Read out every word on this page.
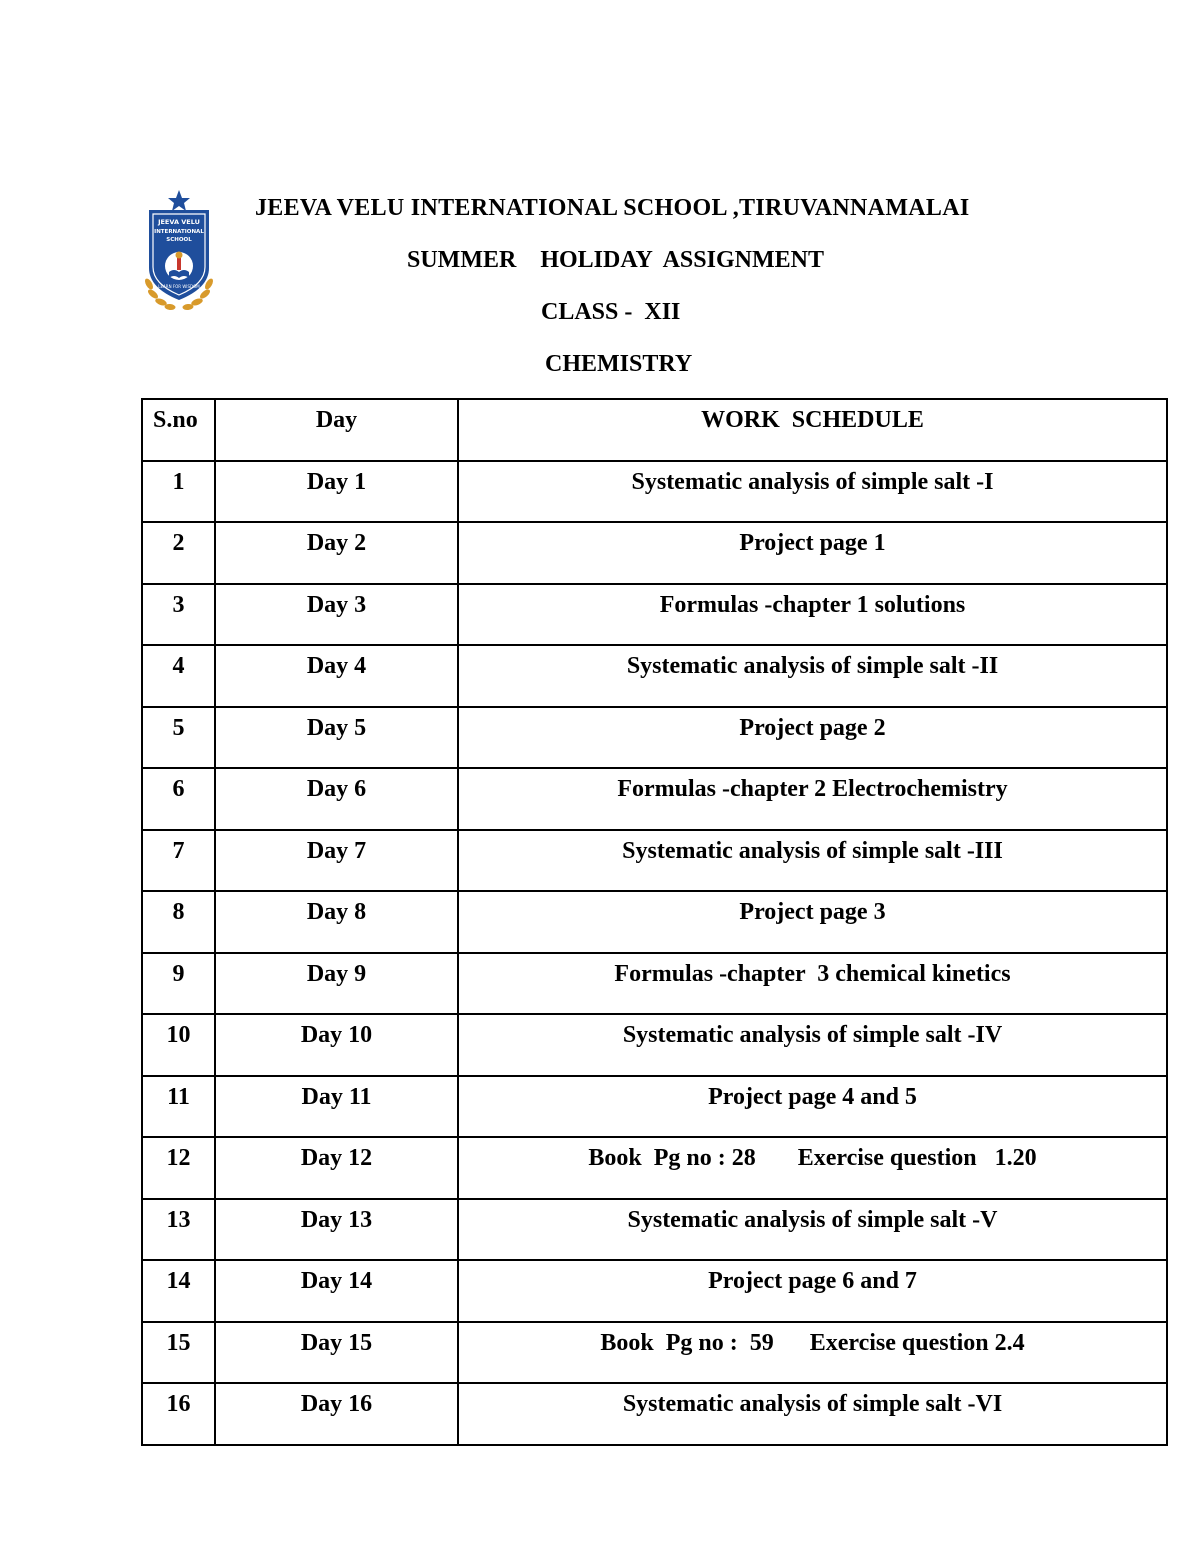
JEEVA VELU
INTERNATIONAL
SCHOOL
LEARN FOR WISDOM
JEEVA VELU INTERNATIONAL SCHOOL ,TIRUVANNAMALAI
SUMMER    HOLIDAY  ASSIGNMENT
CLASS -  XII
CHEMISTRY
S.no	Day	WORK  SCHEDULE
1	Day 1	Systematic analysis of simple salt -I
2	Day 2	Project page 1
3	Day 3	Formulas -chapter 1 solutions
4	Day 4	Systematic analysis of simple salt -II
5	Day 5	Project page 2
6	Day 6	Formulas -chapter 2 Electrochemistry
7	Day 7	Systematic analysis of simple salt -III
8	Day 8	Project page 3
9	Day 9	Formulas -chapter  3 chemical kinetics
10	Day 10	Systematic analysis of simple salt -IV
11	Day 11	Project page 4 and 5
12	Day 12	Book  Pg no : 28       Exercise question   1.20
13	Day 13	Systematic analysis of simple salt -V
14	Day 14	Project page 6 and 7
15	Day 15	Book  Pg no :  59      Exercise question 2.4
16	Day 16	Systematic analysis of simple salt -VI
